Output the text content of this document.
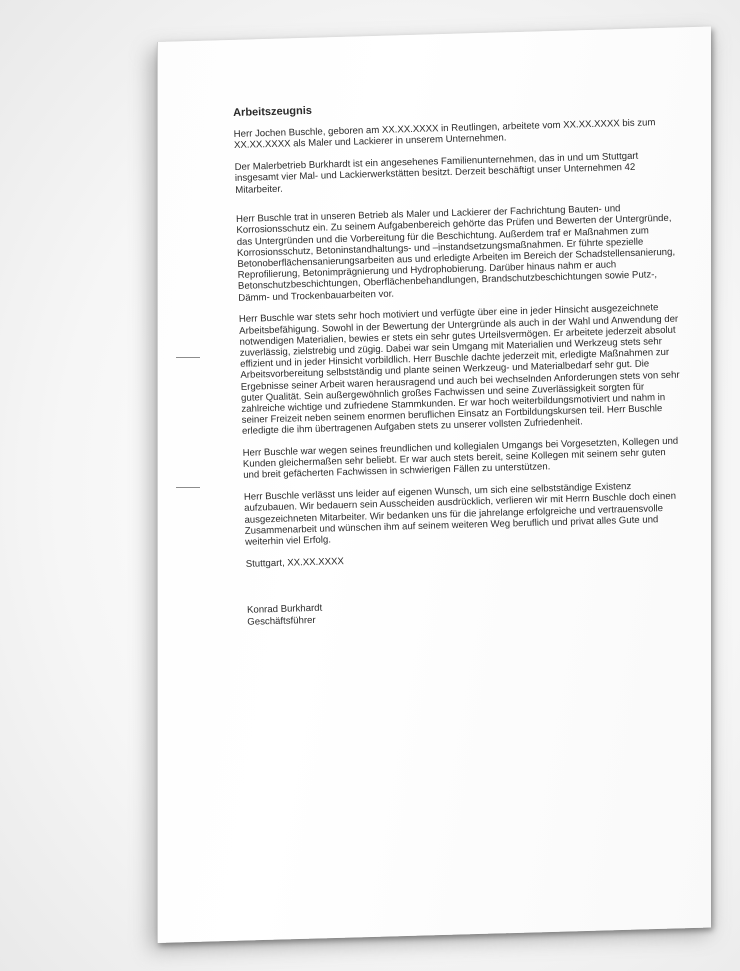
Arbeitszeugnis
Herr Jochen Buschle, geboren am XX.XX.XXXX in Reutlingen, arbeitete vom XX.XX.XXXX bis zum XX.XX.XXXX als Maler und Lackierer in unserem Unternehmen.
Der Malerbetrieb Burkhardt ist ein angesehenes Familienunternehmen, das in und um Stuttgart insgesamt vier Mal- und Lackierwerkstätten besitzt. Derzeit beschäftigt unser Unternehmen 42 Mitarbeiter.
Herr Buschle trat in unseren Betrieb als Maler und Lackierer der Fachrichtung Bauten- und Korrosionsschutz ein. Zu seinem Aufgabenbereich gehörte das Prüfen und Bewerten der Untergründe, das Untergründen und die Vorbereitung für die Beschichtung. Außerdem traf er Maßnahmen zum Korrosionsschutz, Betoninstandhaltungs- und –instandsetzungsmaßnahmen. Er führte spezielle Betonoberflächensanierungsarbeiten aus und erledigte Arbeiten im Bereich der Schadstellensanierung, Reprofilierung, Betonimprägnierung und Hydrophobierung. Darüber hinaus nahm er auch Betonschutzbeschichtungen, Oberflächenbehandlungen, Brandschutzbeschichtungen sowie Putz-, Dämm- und Trockenbauarbeiten vor.
Herr Buschle war stets sehr hoch motiviert und verfügte über eine in jeder Hinsicht ausgezeichnete Arbeitsbefähigung. Sowohl in der Bewertung der Untergründe als auch in der Wahl und Anwendung der notwendigen Materialien, bewies er stets ein sehr gutes Urteilsvermögen. Er arbeitete jederzeit absolut zuverlässig, zielstrebig und zügig. Dabei war sein Umgang mit Materialien und Werkzeug stets sehr effizient und in jeder Hinsicht vorbildlich. Herr Buschle dachte jederzeit mit, erledigte Maßnahmen zur Arbeitsvorbereitung selbstständig und plante seinen Werkzeug- und Materialbedarf sehr gut. Die Ergebnisse seiner Arbeit waren herausragend und auch bei wechselnden Anforderungen stets von sehr guter Qualität. Sein außergewöhnlich großes Fachwissen und seine Zuverlässigkeit sorgten für zahlreiche wichtige und zufriedene Stammkunden. Er war hoch weiterbildungsmotiviert und nahm in seiner Freizeit neben seinem enormen beruflichen Einsatz an Fortbildungskursen teil. Herr Buschle erledigte die ihm übertragenen Aufgaben stets zu unserer vollsten Zufriedenheit.
Herr Buschle war wegen seines freundlichen und kollegialen Umgangs bei Vorgesetzten, Kollegen und Kunden gleichermaßen sehr beliebt. Er war auch stets bereit, seine Kollegen mit seinem sehr guten und breit gefächerten Fachwissen in schwierigen Fällen zu unterstützen.
Herr Buschle verlässt uns leider auf eigenen Wunsch, um sich eine selbstständige Existenz aufzubauen. Wir bedauern sein Ausscheiden ausdrücklich, verlieren wir mit Herrn Buschle doch einen ausgezeichneten Mitarbeiter. Wir bedanken uns für die jahrelange erfolgreiche und vertrauensvolle Zusammenarbeit und wünschen ihm auf seinem weiteren Weg beruflich und privat alles Gute und weiterhin viel Erfolg.
Stuttgart, XX.XX.XXXX
Konrad Burkhardt
Geschäftsführer
